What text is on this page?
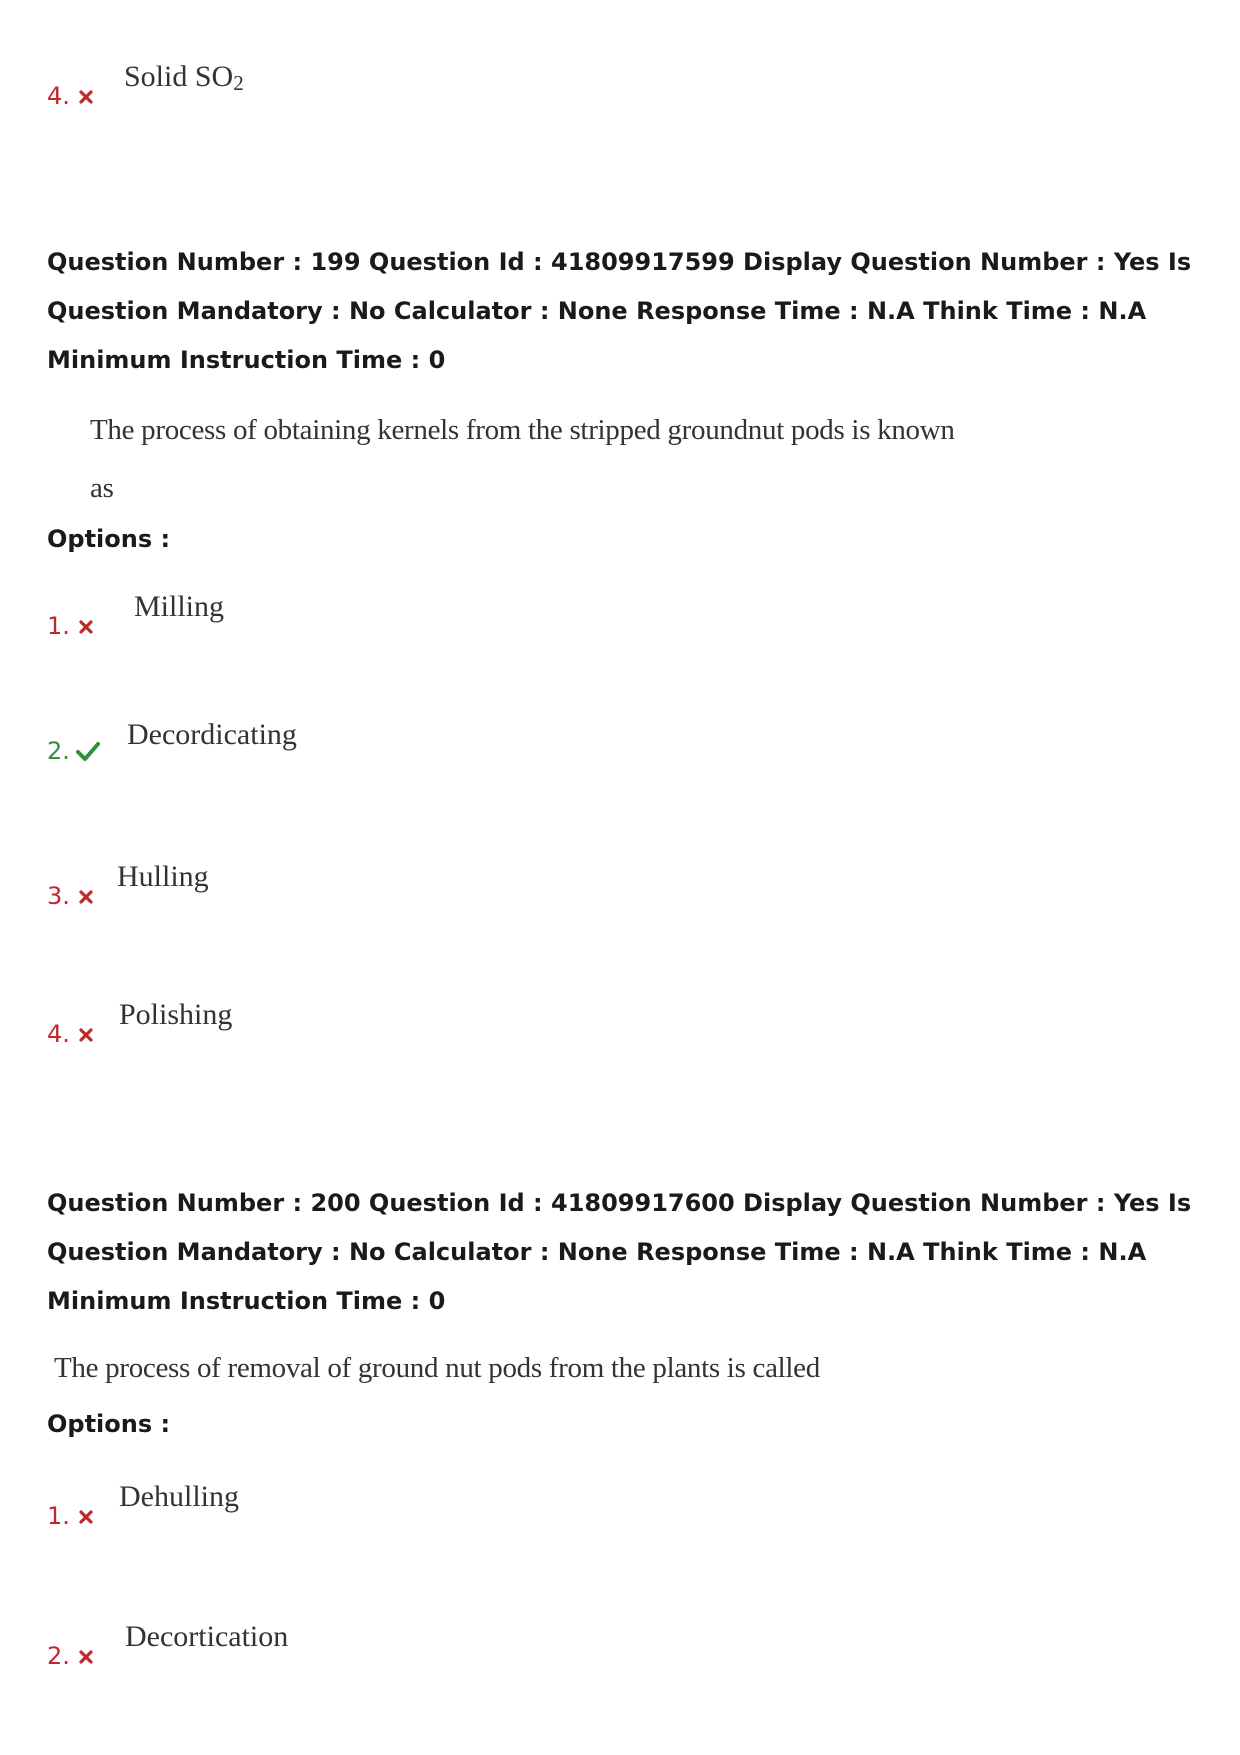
4.
Solid $SO_2$
Question Number : 199 Question Id : 41809917599 Display Question Number : Yes Is Question Mandatory : No Calculator : None Response Time : N.A Think Time : N.A Minimum Instruction Time : 0
The process of obtaining kernels from the stripped groundnut pods is known
as
Options :
1.
Milling
2. Decordicating
3.
Hulling
4.
Polishing
Question Number : 200 Question Id : 41809917600 Display Question Number : Yes Is Question Mandatory : No Calculator : None Response Time : N.A Think Time : N.A Minimum Instruction Time : 0
The process of removal of ground nut pods from the plants is called
Options :
1.
Dehulling
2.
Decortication
